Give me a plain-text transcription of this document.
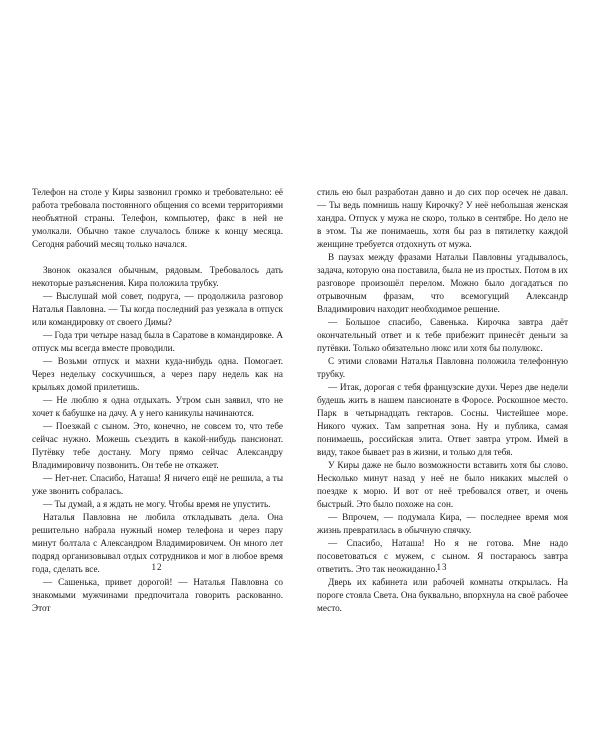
Телефон на столе у Киры зазвонил громко и требовательно: её работа требовала постоянного общения со всеми территориями необъятной страны. Телефон, компьютер, факс в ней не умолкали. Обычно такое случалось ближе к концу месяца. Сегодня рабочий месяц только начался.

Звонок оказался обычным, рядовым. Требовалось дать некоторые разъяснения. Кира положила трубку.

— Выслушай мой совет, подруга, — продолжила разговор Наталья Павловна. — Ты когда последний раз уезжала в отпуск или командировку от своего Димы?

— Года три четыре назад была в Саратове в командировке. А отпуск мы всегда вместе проводили.

— Возьми отпуск и махни куда-нибудь одна. Помогает. Через недельку соскучишься, а через пару недель как на крыльях домой прилетишь.

— Не люблю я одна отдыхать. Утром сын заявил, что не хочет к бабушке на дачу. А у него каникулы начинаются.

— Поезжай с сыном. Это, конечно, не совсем то, что тебе сейчас нужно. Можешь съездить в какой-нибудь пансионат. Путёвку тебе достану. Могу прямо сейчас Александру Владимировичу позвонить. Он тебе не откажет.

— Нет-нет. Спасибо, Наташа! Я ничего ещё не решила, а ты уже звонить собралась.

— Ты думай, а я ждать не могу. Чтобы время не упустить.

Наталья Павловна не любила откладывать дела. Она решительно набрала нужный номер телефона и через пару минут болтала с Александром Владимировичем. Он много лет подряд организовывал отдых сотрудников и мог в любое время года, сделать все.

— Сашенька, привет дорогой! — Наталья Павловна со знакомыми мужчинами предпочитала говорить раскованно. Этот

12

стиль ею был разработан давно и до сих пор осечек не давал. — Ты ведь помнишь нашу Кирочку? У неё небольшая женская хандра. Отпуск у мужа не скоро, только в сентябре. Но дело не в этом. Ты же понимаешь, хотя бы раз в пятилетку каждой женщине требуется отдохнуть от мужа.

В паузах между фразами Натальи Павловны угадывалось, задача, которую она поставила, была не из простых. Потом в их разговоре произошёл перелом. Можно было догадаться по отрывочным фразам, что всемогущий Александр Владимирович находит необходимое решение.

— Большое спасибо, Савенька. Кирочка завтра даёт окончательный ответ и к тебе прибежит принесёт деньги за путёвки. Только обязательно люкс или хотя бы полулюкс.

С этими словами Наталья Павловна положила телефонную трубку.

— Итак, дорогая с тебя французские духи. Через две недели будешь жить в нашем пансионате в Форосе. Роскошное место. Парк в четырнадцать гектаров. Сосны. Чистейшее море. Никого чужих. Там запретная зона. Ну и публика, самая понимаешь, российская элита. Ответ завтра утром. Имей в виду, такое бывает раз в жизни, и только для тебя.

У Киры даже не было возможности вставить хотя бы слово. Несколько минут назад у неё не было никаких мыслей о поездке к морю. И вот от неё требовался ответ, и очень быстрый. Это было похоже на сон.

— Впрочем, — подумала Кира, — последнее время моя жизнь превратилась в обычную спячку.

— Спасибо, Наташа! Но я не готова. Мне надо посоветоваться с мужем, с сыном. Я постараюсь завтра ответить. Это так неожиданно.

Дверь их кабинета или рабочей комнаты открылась. На пороге стояла Света. Она буквально, впорхнула на своё рабочее место.

13
